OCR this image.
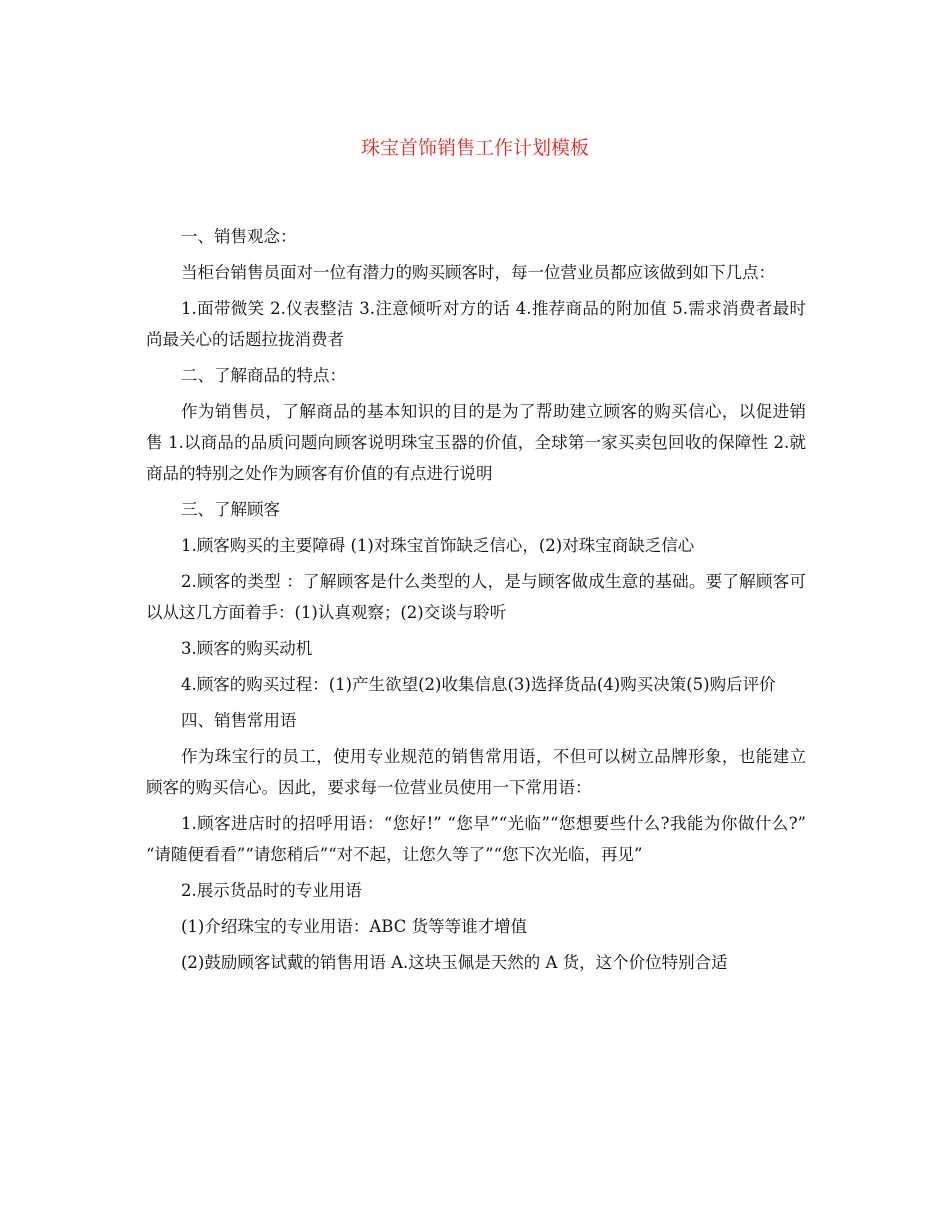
珠宝首饰销售工作计划模板

一、销售观念：

当柜台销售员面对一位有潜力的购买顾客时，每一位营业员都应该做到如下几点：

1.面带微笑 2.仪表整洁 3.注意倾听对方的话 4.推荐商品的附加值 5.需求消费者最时尚最关心的话题拉拢消费者

二、了解商品的特点：

作为销售员，了解商品的基本知识的目的是为了帮助建立顾客的购买信心，以促进销售 1.以商品的品质问题向顾客说明珠宝玉器的价值，全球第一家买卖包回收的保障性 2.就商品的特别之处作为顾客有价值的有点进行说明

三、了解顾客

1.顾客购买的主要障碍 (1)对珠宝首饰缺乏信心，(2)对珠宝商缺乏信心

2.顾客的类型 ：了解顾客是什么类型的人，是与顾客做成生意的基础。要了解顾客可以从这几方面着手：(1)认真观察；(2)交谈与聆听

3.顾客的购买动机

4.顾客的购买过程：(1)产生欲望(2)收集信息(3)选择货品(4)购买决策(5)购后评价

四、销售常用语

作为珠宝行的员工，使用专业规范的销售常用语，不但可以树立品牌形象，也能建立顾客的购买信心。因此，要求每一位营业员使用一下常用语：

1.顾客进店时的招呼用语：“您好!” “您早”“光临”“您想要些什么?我能为你做什么?” “请随便看看”“请您稍后”“对不起，让您久等了”“您下次光临，再见”

2.展示货品时的专业用语

(1)介绍珠宝的专业用语：ABC 货等等谁才增值

(2)鼓励顾客试戴的销售用语 A.这块玉佩是天然的 A 货，这个价位特别合适
